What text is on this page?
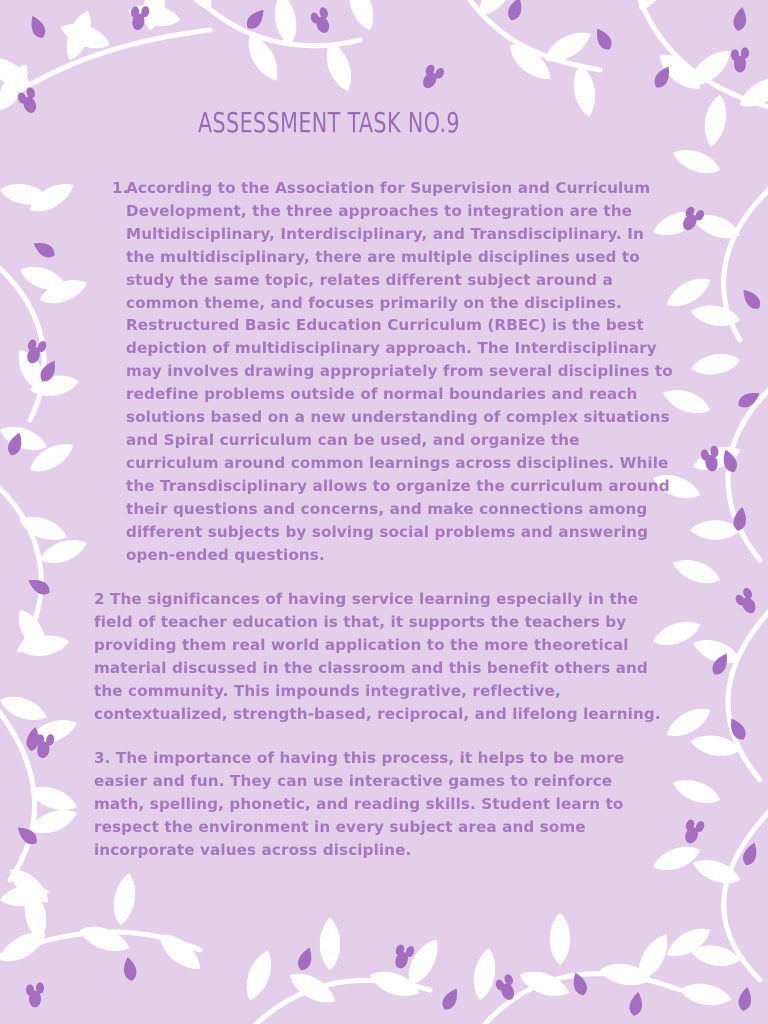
ASSESSMENT TASK NO.9
1.
According to the Association for Supervision and Curriculum Development, the three approaches to integration are the Multidisciplinary, Interdisciplinary, and Transdisciplinary. In the multidisciplinary, there are multiple disciplines used to study the same topic, relates different subject around a common theme, and focuses primarily on the disciplines. Restructured Basic Education Curriculum (RBEC) is the best depiction of multidisciplinary approach. The Interdisciplinary may involves drawing appropriately from several disciplines to redefine problems outside of normal boundaries and reach solutions based on a new understanding of complex situations and Spiral curriculum can be used, and organize the curriculum around common learnings across disciplines. While the Transdisciplinary allows to organize the curriculum around their questions and concerns, and make connections among different subjects by solving social problems and answering open-ended questions.
2 The significances of having service learning especially in the field of teacher education is that, it supports the teachers by providing them real world application to the more theoretical material discussed in the classroom and this benefit others and the community. This impounds integrative, reflective, contextualized, strength-based, reciprocal, and lifelong learning.
3. The importance of having this process, it helps to be more easier and fun. They can use interactive games to reinforce math, spelling, phonetic, and reading skills. Student learn to respect the environment in every subject area and some incorporate values across discipline.
